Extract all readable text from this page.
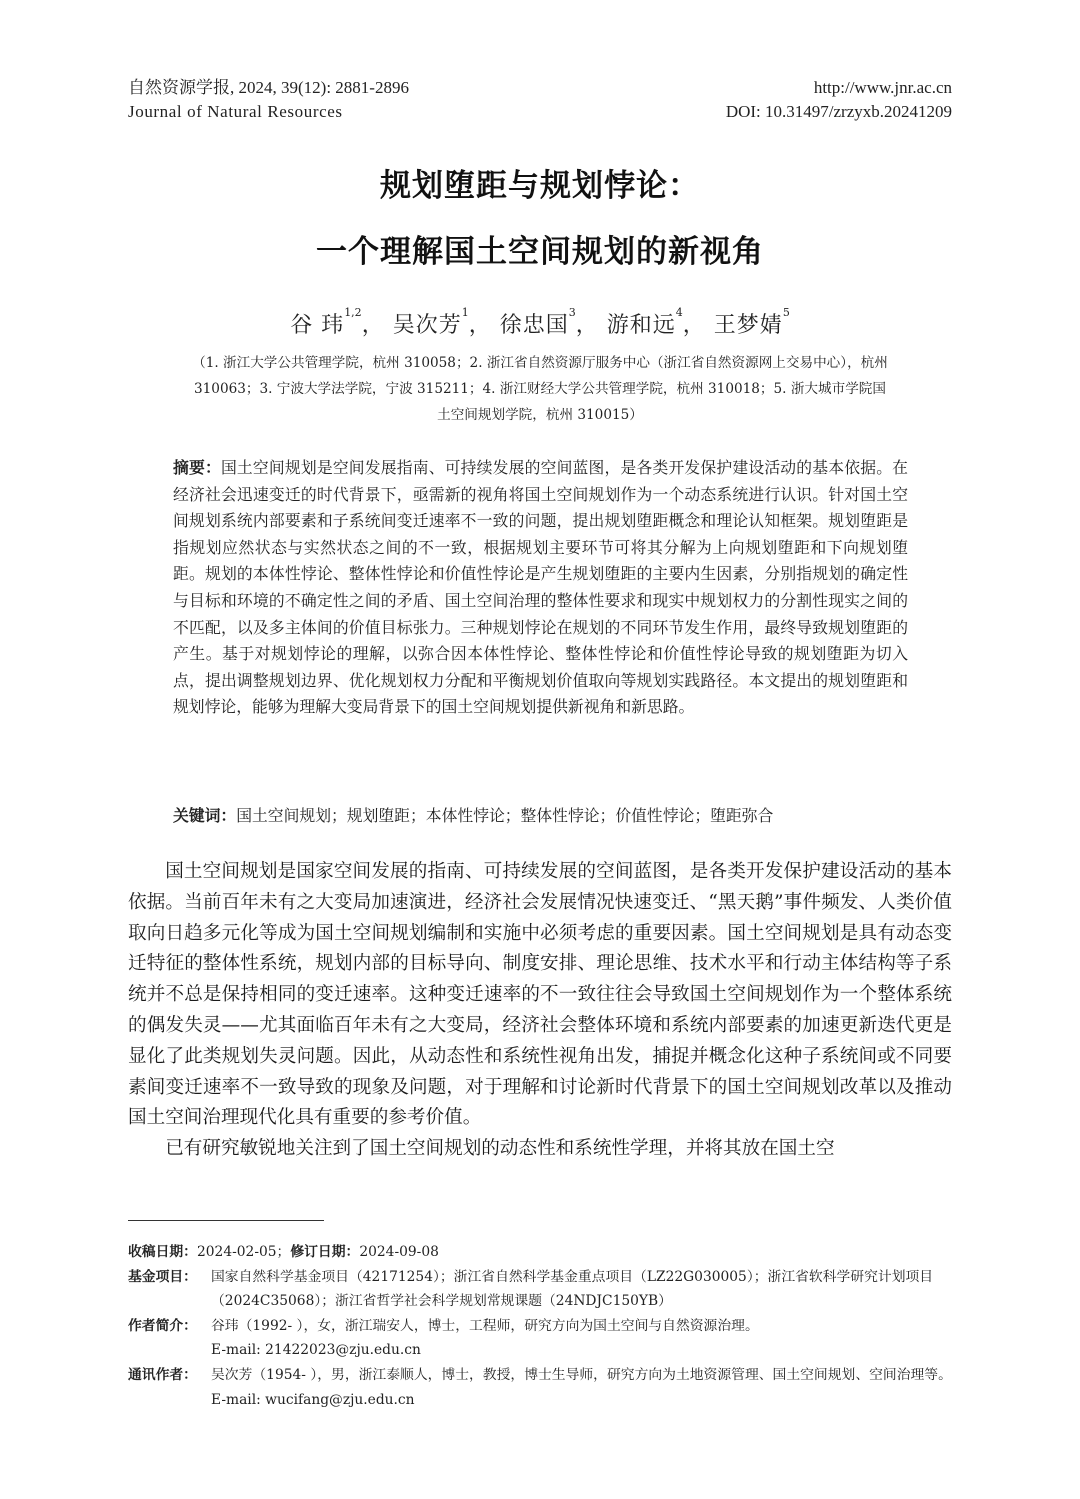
自然资源学报, 2024, 39(12): 2881-2896
Journal of Natural Resources
http://www.jnr.ac.cn
DOI: 10.31497/zrzyxb.20241209
规划堕距与规划悖论：
一个理解国土空间规划的新视角
谷 玮$^{1,2}$， 吴次芳$^1$， 徐忠国$^3$， 游和远$^4$， 王梦婧$^5$
（1. 浙江大学公共管理学院，杭州 310058；2. 浙江省自然资源厅服务中心（浙江省自然资源网上交易中心），杭州 310063；3. 宁波大学法学院，宁波 315211；4. 浙江财经大学公共管理学院，杭州 310018；5. 浙大城市学院国土空间规划学院，杭州 310015）
摘要：国土空间规划是空间发展指南、可持续发展的空间蓝图，是各类开发保护建设活动的基本依据。在经济社会迅速变迁的时代背景下，亟需新的视角将国土空间规划作为一个动态系统进行认识。针对国土空间规划系统内部要素和子系统间变迁速率不一致的问题，提出规划堕距概念和理论认知框架。规划堕距是指规划应然状态与实然状态之间的不一致，根据规划主要环节可将其分解为上向规划堕距和下向规划堕距。规划的本体性悖论、整体性悖论和价值性悖论是产生规划堕距的主要内生因素，分别指规划的确定性与目标和环境的不确定性之间的矛盾、国土空间治理的整体性要求和现实中规划权力的分割性现实之间的不匹配，以及多主体间的价值目标张力。三种规划悖论在规划的不同环节发生作用，最终导致规划堕距的产生。基于对规划悖论的理解，以弥合因本体性悖论、整体性悖论和价值性悖论导致的规划堕距为切入点，提出调整规划边界、优化规划权力分配和平衡规划价值取向等规划实践路径。本文提出的规划堕距和规划悖论，能够为理解大变局背景下的国土空间规划提供新视角和新思路。
关键词：国土空间规划；规划堕距；本体性悖论；整体性悖论；价值性悖论；堕距弥合

国土空间规划是国家空间发展的指南、可持续发展的空间蓝图，是各类开发保护建设活动的基本依据。当前百年未有之大变局加速演进，经济社会发展情况快速变迁、“黑天鹅”事件频发、人类价值取向日趋多元化等成为国土空间规划编制和实施中必须考虑的重要因素。国土空间规划是具有动态变迁特征的整体性系统，规划内部的目标导向、制度安排、理论思维、技术水平和行动主体结构等子系统并不总是保持相同的变迁速率。这种变迁速率的不一致往往会导致国土空间规划作为一个整体系统的偶发失灵——尤其面临百年未有之大变局，经济社会整体环境和系统内部要素的加速更新迭代更是显化了此类规划失灵问题。因此，从动态性和系统性视角出发，捕捉并概念化这种子系统间或不同要素间变迁速率不一致导致的现象及问题，对于理解和讨论新时代背景下的国土空间规划改革以及推动国土空间治理现代化具有重要的参考价值。

已有研究敏锐地关注到了国土空间规划的动态性和系统性学理，并将其放在国土空

收稿日期：2024-02-05；修订日期：2024-09-08
基金项目： 国家自然科学基金项目（42171254）；浙江省自然科学基金重点项目（LZ22G030005）；浙江省软科学研究计划项目（2024C35068）；浙江省哲学社会科学规划常规课题（24NDJC150YB）
作者简介： 谷玮（1992- ），女，浙江瑞安人，博士，工程师，研究方向为国土空间与自然资源治理。
E-mail: 21422023@zju.edu.cn
通讯作者： 吴次芳（1954- ），男，浙江泰顺人，博士，教授，博士生导师，研究方向为土地资源管理、国土空间规划、空间治理等。E-mail: wucifang@zju.edu.cn
